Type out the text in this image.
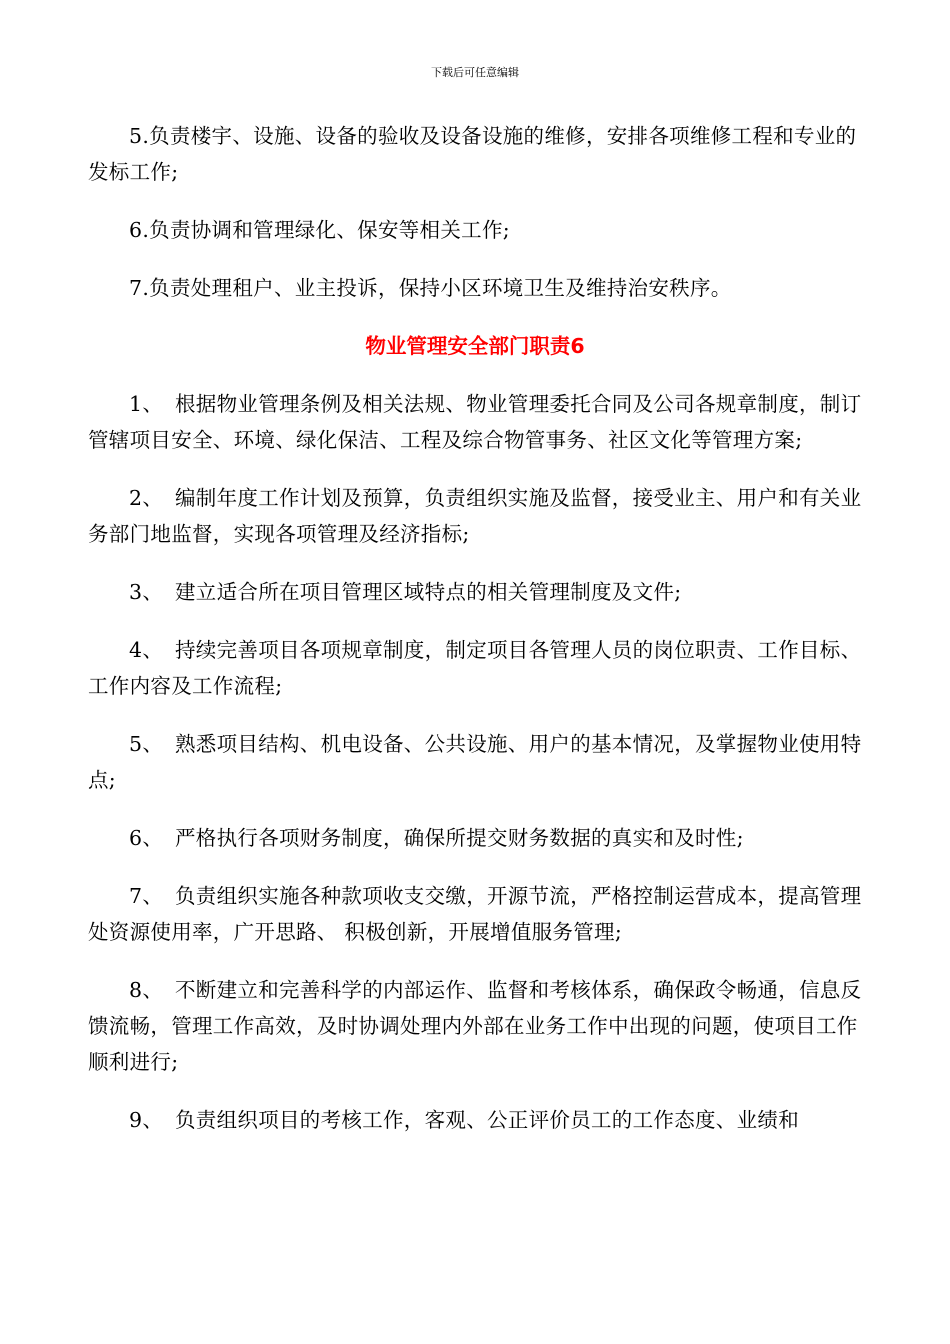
下载后可任意编辑

5.负责楼宇、设施、设备的验收及设备设施的维修，安排各项维修工程和专业的发标工作;

6.负责协调和管理绿化、保安等相关工作;

7.负责处理租户、业主投诉，保持小区环境卫生及维持治安秩序。

物业管理安全部门职责6

1、 根据物业管理条例及相关法规、物业管理委托合同及公司各规章制度，制订管辖项目安全、环境、绿化保洁、工程及综合物管事务、社区文化等管理方案;

2、 编制年度工作计划及预算，负责组织实施及监督，接受业主、用户和有关业务部门地监督，实现各项管理及经济指标;

3、 建立适合所在项目管理区域特点的相关管理制度及文件;

4、 持续完善项目各项规章制度，制定项目各管理人员的岗位职责、工作目标、工作内容及工作流程;

5、 熟悉项目结构、机电设备、公共设施、用户的基本情况，及掌握物业使用特点;

6、 严格执行各项财务制度，确保所提交财务数据的真实和及时性;

7、 负责组织实施各种款项收支交缴，开源节流，严格控制运营成本，提高管理处资源使用率，广开思路、 积极创新，开展增值服务管理;

8、 不断建立和完善科学的内部运作、监督和考核体系，确保政令畅通，信息反馈流畅，管理工作高效，及时协调处理内外部在业务工作中出现的问题，使项目工作顺利进行;

9、 负责组织项目的考核工作，客观、公正评价员工的工作态度、业绩和
